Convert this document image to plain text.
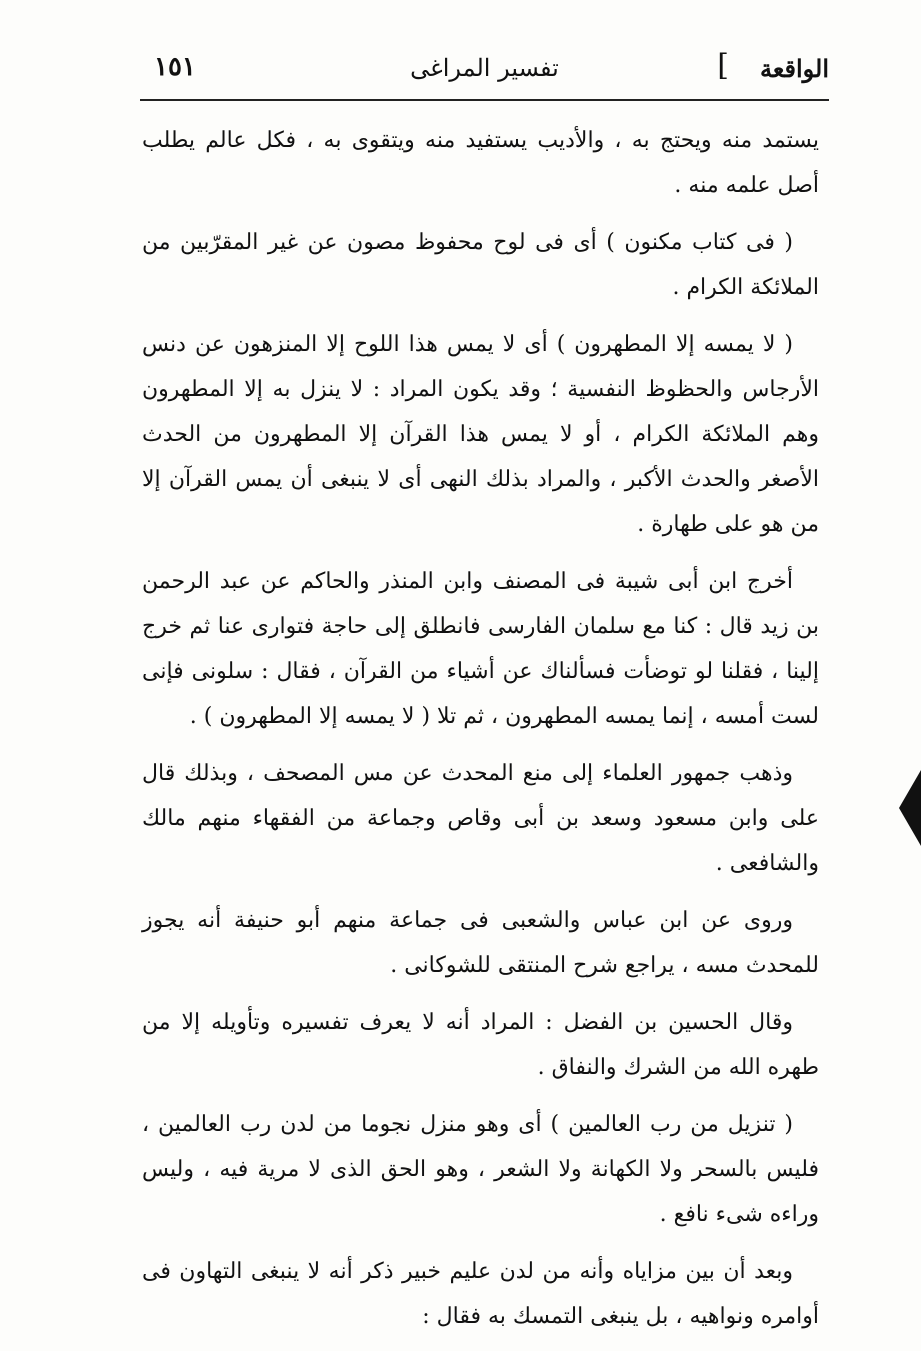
الواقعة
]
تفسير المراغى
١٥١

يستمد منه ويحتج به ، والأديب يستفيد منه ويتقوى به ، فكل عالم يطلب أصل علمه منه .

( فى كتاب مكنون ) أى فى لوح محفوظ مصون عن غير المقرّبين من الملائكة الكرام .

( لا يمسه إلا المطهرون ) أى لا يمس هذا اللوح إلا المنزهون عن دنس الأرجاس والحظوظ النفسية ؛ وقد يكون المراد : لا ينزل به إلا المطهرون وهم الملائكة الكرام ، أو لا يمس هذا القرآن إلا المطهرون من الحدث الأصغر والحدث الأكبر ، والمراد بذلك النهى أى لا ينبغى أن يمس القرآن إلا من هو على طهارة .

أخرج ابن أبى شيبة فى المصنف وابن المنذر والحاكم عن عبد الرحمن بن زيد قال : كنا مع سلمان الفارسى فانطلق إلى حاجة فتوارى عنا ثم خرج إلينا ، فقلنا لو توضأت فسألناك عن أشياء من القرآن ، فقال : سلونى فإنى لست أمسه ، إنما يمسه المطهرون ، ثم تلا ( لا يمسه إلا المطهرون ) .

وذهب جمهور العلماء إلى منع المحدث عن مس المصحف ، وبذلك قال على وابن مسعود وسعد بن أبى وقاص وجماعة من الفقهاء منهم مالك والشافعى .

وروى عن ابن عباس والشعبى فى جماعة منهم أبو حنيفة أنه يجوز للمحدث مسه ، يراجع شرح المنتقى للشوكانى .

وقال الحسين بن الفضل : المراد أنه لا يعرف تفسيره وتأويله إلا من طهره الله من الشرك والنفاق .

( تنزيل من رب العالمين ) أى وهو منزل نجوما من لدن رب العالمين ، فليس بالسحر ولا الكهانة ولا الشعر ، وهو الحق الذى لا مرية فيه ، وليس وراءه شىء نافع .

وبعد أن بين مزاياه وأنه من لدن عليم خبير ذكر أنه لا ينبغى التهاون فى أوامره ونواهيه ، بل ينبغى التمسك به فقال :
